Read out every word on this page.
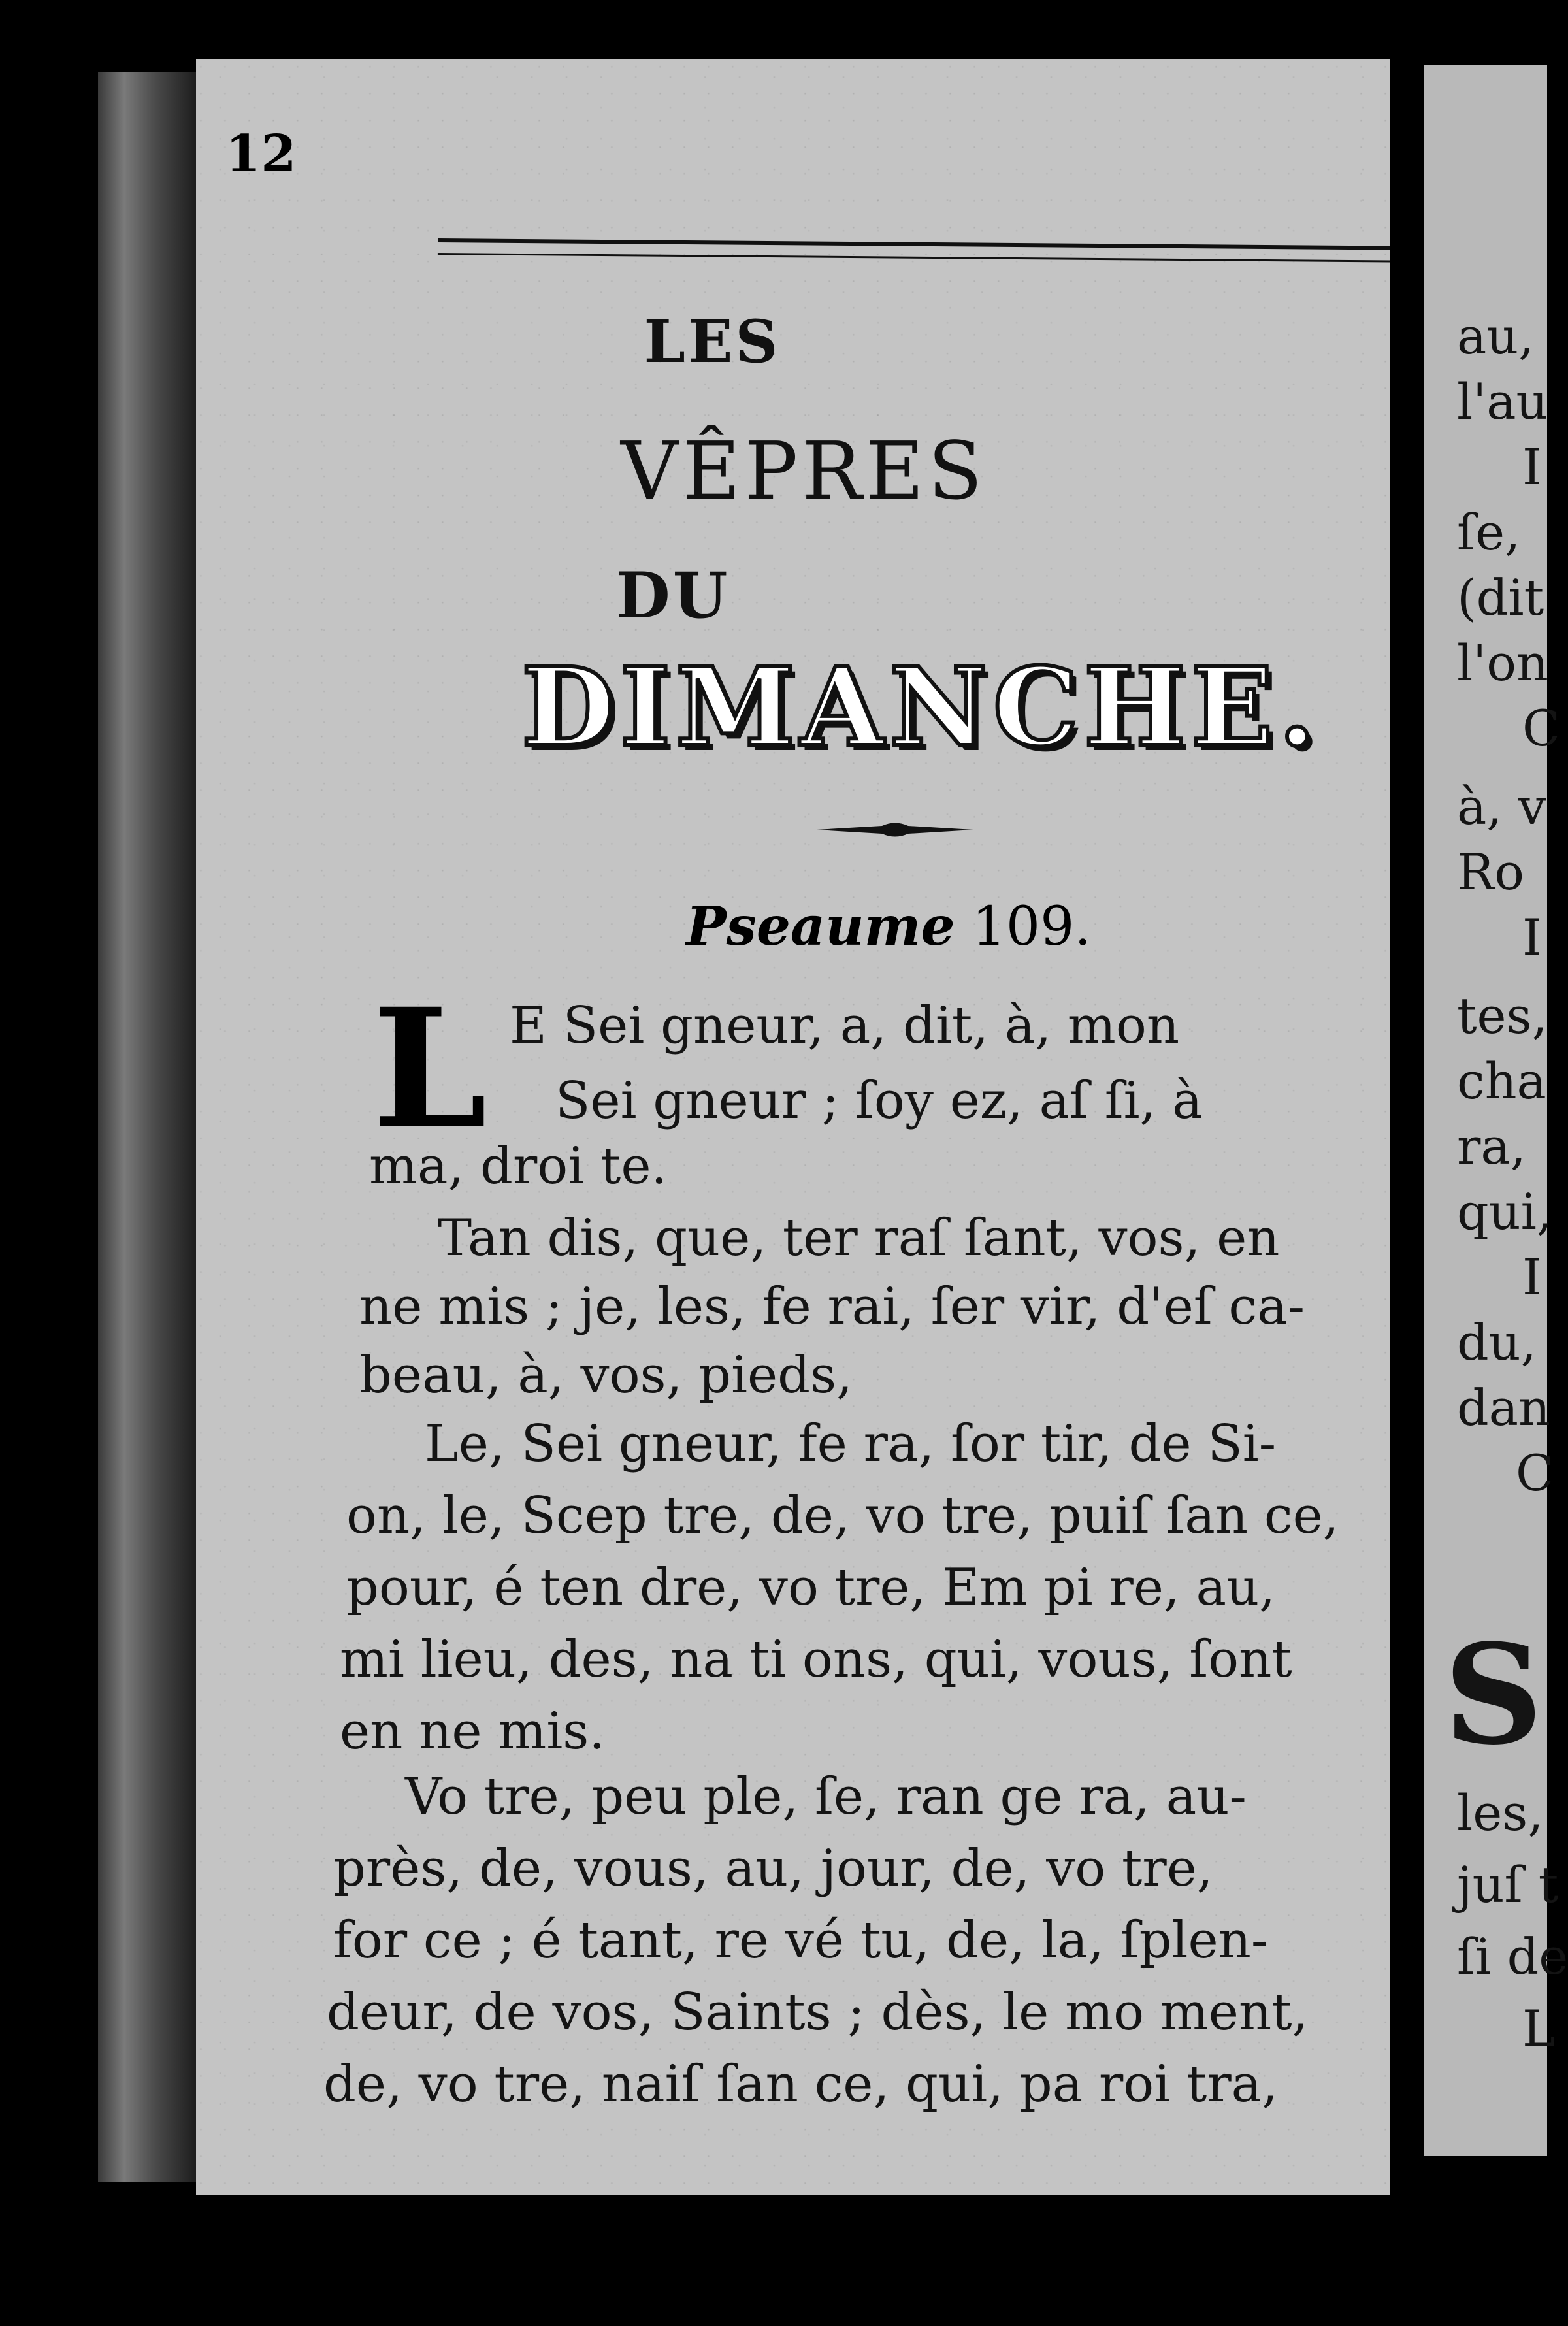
12
LES
VÊPRES
DU
DIMANCHE.
Pseaume 109.
L E Sei gneur, a, dit, à, mon
Sei gneur ; ſoy ez, aſ ſi, à
ma, droi te.
Tan dis, que, ter raſ ſant, vos, en
ne mis ; je, les, fe rai, ſer vir, d'eſ ca-
beau, à, vos, pieds,
Le, Sei gneur, fe ra, ſor tir, de Si-
on, le, Scep tre, de, vo tre, puiſ ſan ce,
pour, é ten dre, vo tre, Em pi re, au,
mi lieu, des, na ti ons, qui, vous, ſont
en ne mis.
Vo tre, peu ple, ſe, ran ge ra, au-
près, de, vous, au, jour, de, vo tre,
for ce ; é tant, re vé tu, de, la, ſplen-
deur, de vos, Saints ; dès, le mo ment,
de, vo tre, naiſ ſan ce, qui, pa roi tra,
au,
l'au
I
ſe,
(dit
l'on
C
à, v
Ro
I
tes,
cha
ra,
qui,
I
du,
dan
C
S
les,
juſ t
ſi de
L
